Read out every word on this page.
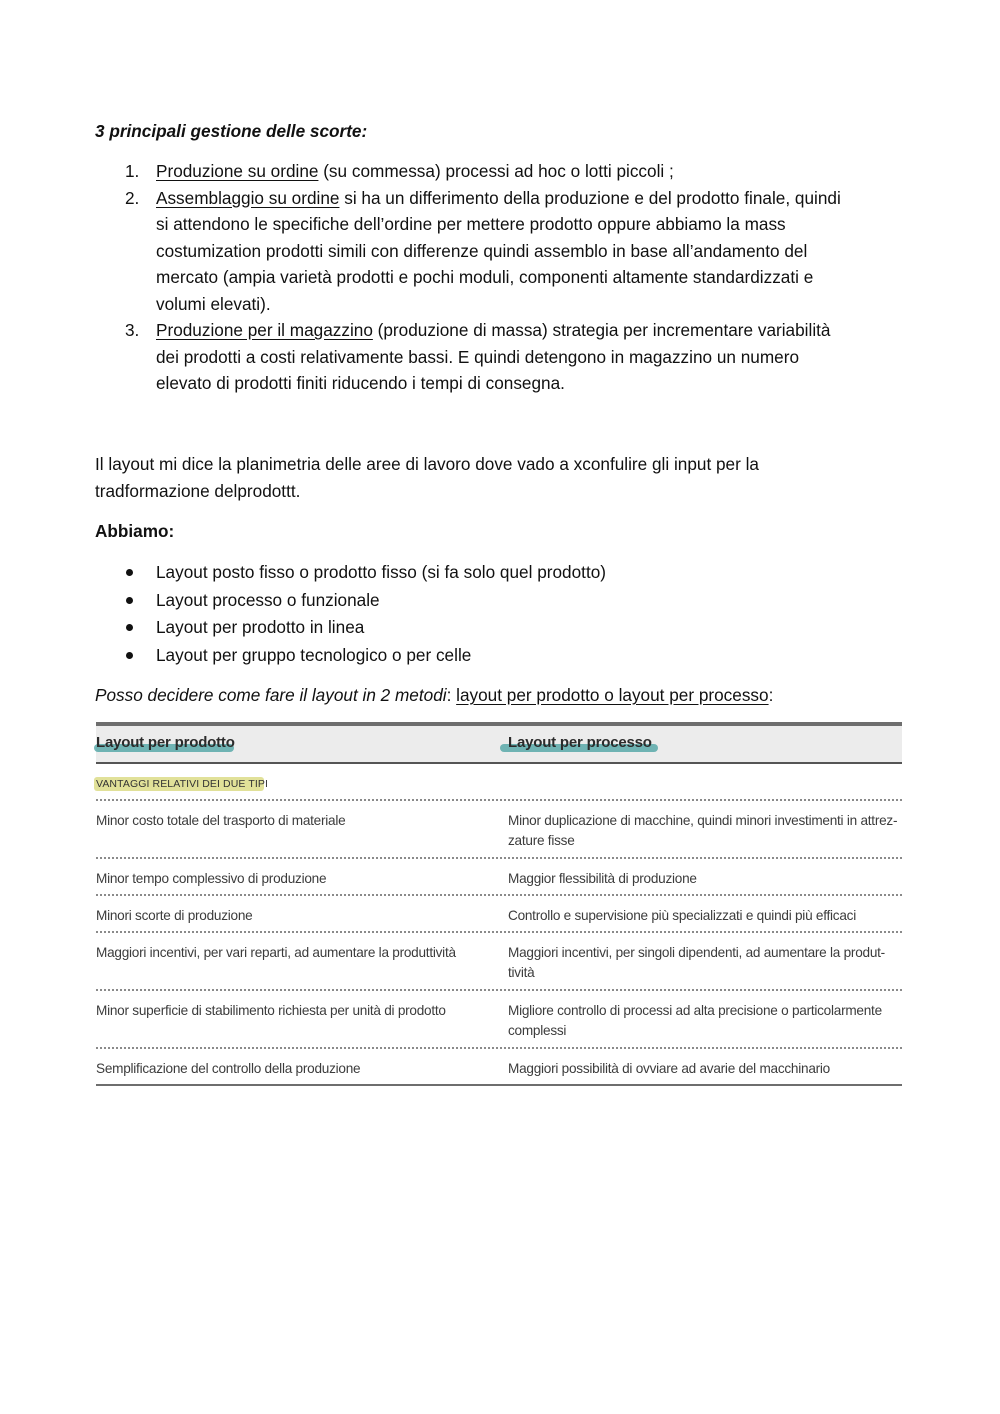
3 principali gestione delle scorte:
1. Produzione su ordine (su commessa) processi ad hoc o lotti piccoli ;
2. Assemblaggio su ordine si ha un differimento della produzione e del prodotto finale, quindi
si attendono le specifiche dell’ordine per mettere prodotto oppure abbiamo la mass
costumization prodotti simili con differenze quindi assemblo in base all’andamento del
mercato (ampia varietà prodotti e pochi moduli, componenti altamente standardizzati e
volumi elevati).
3. Produzione per il magazzino (produzione di massa) strategia per incrementare variabilità
dei prodotti a costi relativamente bassi. E quindi detengono in magazzino un numero
elevato di prodotti finiti riducendo i tempi di consegna.
Il layout mi dice la planimetria delle aree di lavoro dove vado a xconfulire gli input per la
tradformazione delprodottt.
Abbiamo:
Layout posto fisso o prodotto fisso (si fa solo quel prodotto)
Layout processo o funzionale
Layout per prodotto in linea
Layout per gruppo tecnologico o per celle
Posso decidere come fare il layout in 2 metodi: layout per prodotto o layout per processo:
Layout per prodotto	Layout per processo
VANTAGGI RELATIVI DEI DUE TIPI
Minor costo totale del trasporto di materiale	Minor duplicazione di macchine, quindi minori investimenti in attrez-
zature fisse
Minor tempo complessivo di produzione	Maggior flessibilità di produzione
Minori scorte di produzione	Controllo e supervisione più specializzati e quindi più efficaci
Maggiori incentivi, per vari reparti, ad aumentare la produttività	Maggiori incentivi, per singoli dipendenti, ad aumentare la produt-
tività
Minor superficie di stabilimento richiesta per unità di prodotto	Migliore controllo di processi ad alta precisione o particolarmente
complessi
Semplificazione del controllo della produzione	Maggiori possibilità di ovviare ad avarie del macchinario
